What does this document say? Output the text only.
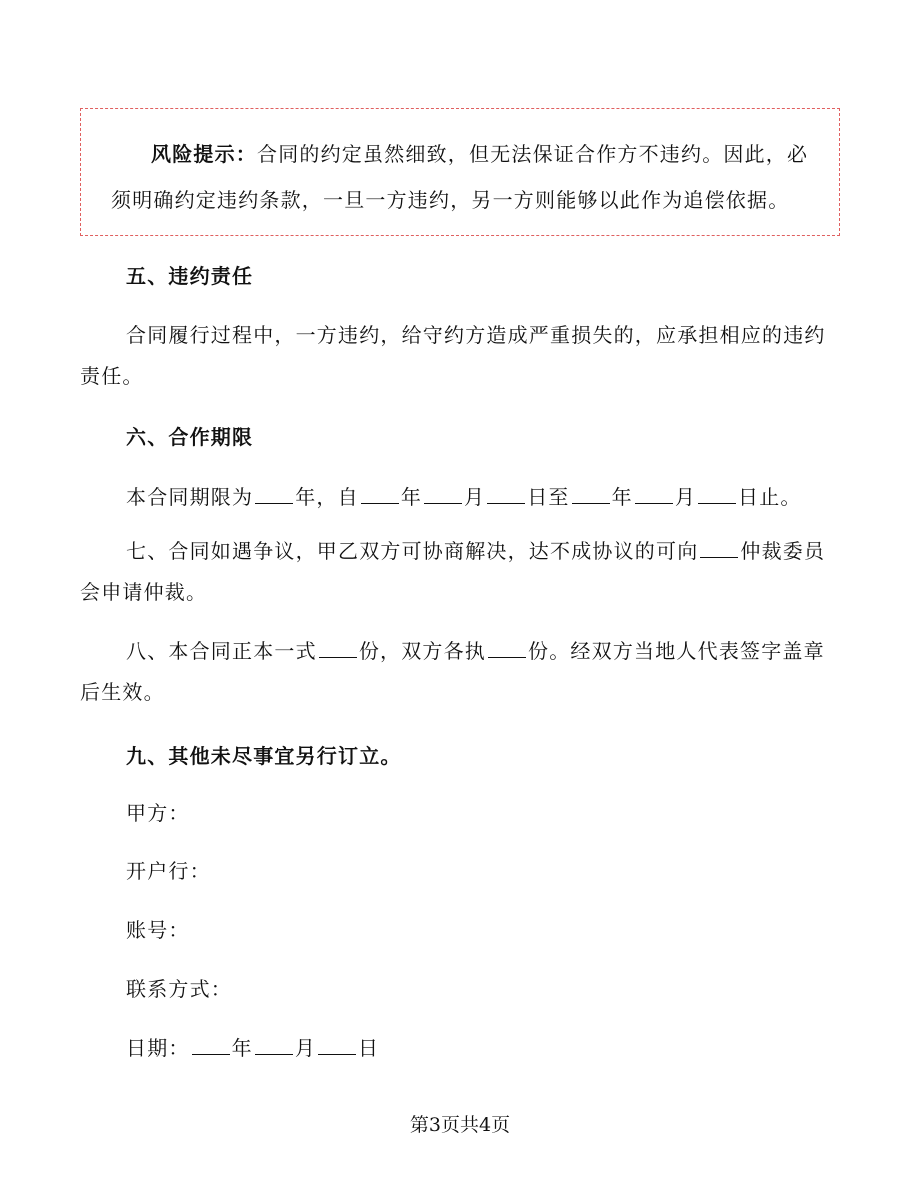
风险提示：合同的约定虽然细致，但无法保证合作方不违约。因此，必须明确约定违约条款，一旦一方违约，另一方则能够以此作为追偿依据。
五、违约责任
合同履行过程中，一方违约，给守约方造成严重损失的，应承担相应的违约责任。
六、合作期限
本合同期限为 年，自 年 月 日至 年 月 日止。
七、合同如遇争议，甲乙双方可协商解决，达不成协议的可向 仲裁委员会申请仲裁。
八、本合同正本一式 份，双方各执 份。经双方当地人代表签字盖章后生效。
九、其他未尽事宜另行订立。
甲方：
开户行：
账号：
联系方式：
日期： 年 月 日
第3页共4页
